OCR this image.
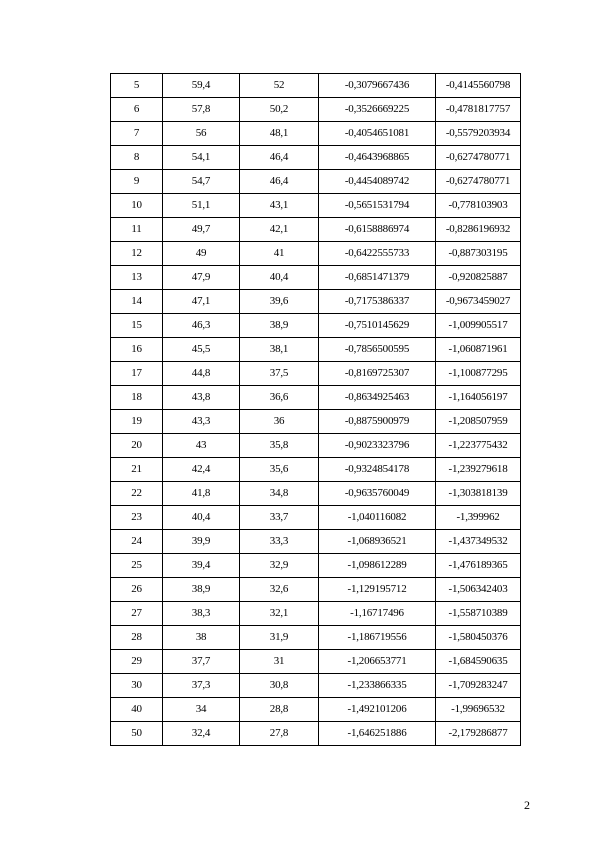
5	59,4	52	-0,3079667436	-0,4145560798
6	57,8	50,2	-0,3526669225	-0,4781817757
7	56	48,1	-0,4054651081	-0,5579203934
8	54,1	46,4	-0,4643968865	-0,6274780771
9	54,7	46,4	-0,4454089742	-0,6274780771
10	51,1	43,1	-0,5651531794	-0,778103903
11	49,7	42,1	-0,6158886974	-0,8286196932
12	49	41	-0,6422555733	-0,887303195
13	47,9	40,4	-0,6851471379	-0,920825887
14	47,1	39,6	-0,7175386337	-0,9673459027
15	46,3	38,9	-0,7510145629	-1,009905517
16	45,5	38,1	-0,7856500595	-1,060871961
17	44,8	37,5	-0,8169725307	-1,100877295
18	43,8	36,6	-0,8634925463	-1,164056197
19	43,3	36	-0,8875900979	-1,208507959
20	43	35,8	-0,9023323796	-1,223775432
21	42,4	35,6	-0,9324854178	-1,239279618
22	41,8	34,8	-0,9635760049	-1,303818139
23	40,4	33,7	-1,040116082	-1,399962
24	39,9	33,3	-1,068936521	-1,437349532
25	39,4	32,9	-1,098612289	-1,476189365
26	38,9	32,6	-1,129195712	-1,506342403
27	38,3	32,1	-1,16717496	-1,558710389
28	38	31,9	-1,186719556	-1,580450376
29	37,7	31	-1,206653771	-1,684590635
30	37,3	30,8	-1,233866335	-1,709283247
40	34	28,8	-1,492101206	-1,99696532
50	32,4	27,8	-1,646251886	-2,179286877
2
